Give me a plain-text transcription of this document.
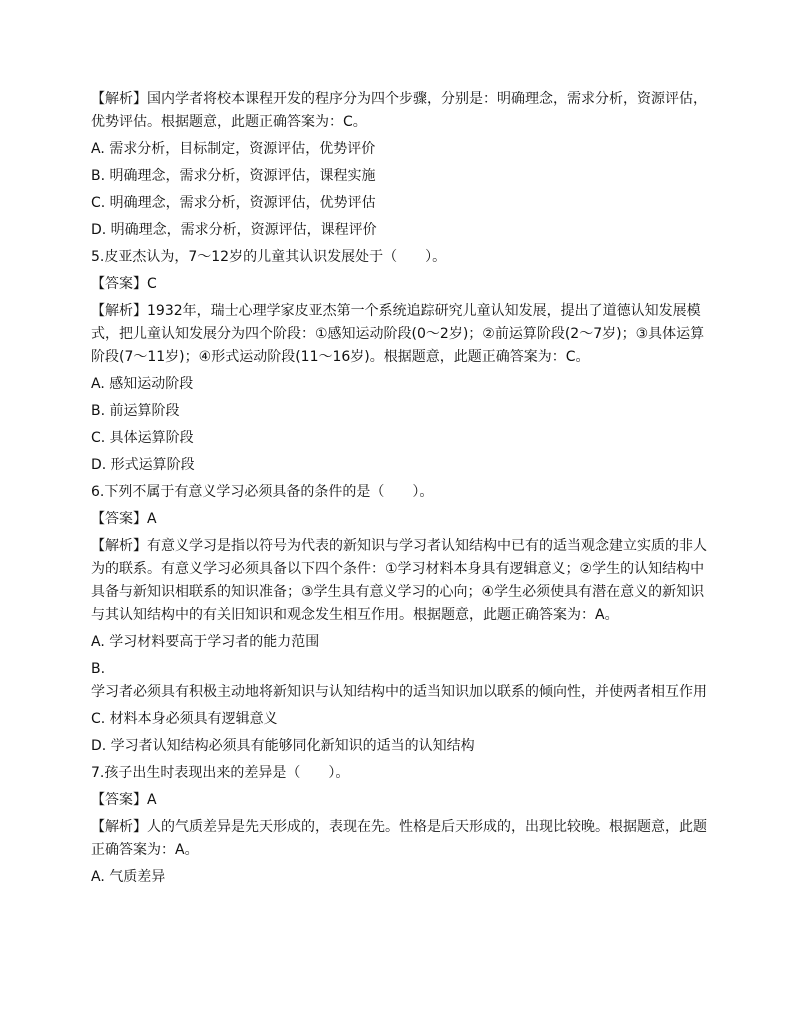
【解析】国内学者将校本课程开发的程序分为四个步骤，分别是：明确理念，需求分析，资源评估，优势评估。根据题意，此题正确答案为：C。

A. 需求分析，目标制定，资源评估，优势评价

B. 明确理念，需求分析，资源评估，课程实施

C. 明确理念，需求分析，资源评估，优势评估

D. 明确理念，需求分析，资源评估，课程评价

5.皮亚杰认为，7～12岁的儿童其认识发展处于（　　）。

【答案】C

【解析】1932年，瑞士心理学家皮亚杰第一个系统追踪研究儿童认知发展，提出了道德认知发展模式，把儿童认知发展分为四个阶段：①感知运动阶段(0～2岁)；②前运算阶段(2～7岁)；③具体运算阶段(7～11岁)；④形式运动阶段(11～16岁)。根据题意，此题正确答案为：C。

A. 感知运动阶段

B. 前运算阶段

C. 具体运算阶段

D. 形式运算阶段

6.下列不属于有意义学习必须具备的条件的是（　　）。

【答案】A

【解析】有意义学习是指以符号为代表的新知识与学习者认知结构中已有的适当观念建立实质的非人为的联系。有意义学习必须具备以下四个条件：①学习材料本身具有逻辑意义；②学生的认知结构中具备与新知识相联系的知识准备；③学生具有意义学习的心向；④学生必须使具有潜在意义的新知识与其认知结构中的有关旧知识和观念发生相互作用。根据题意，此题正确答案为：A。

A. 学习材料要高于学习者的能力范围

B.

学习者必须具有积极主动地将新知识与认知结构中的适当知识加以联系的倾向性，并使两者相互作用

C. 材料本身必须具有逻辑意义

D. 学习者认知结构必须具有能够同化新知识的适当的认知结构

7.孩子出生时表现出来的差异是（　　）。

【答案】A

【解析】人的气质差异是先天形成的，表现在先。性格是后天形成的，出现比较晚。根据题意，此题正确答案为：A。

A. 气质差异
